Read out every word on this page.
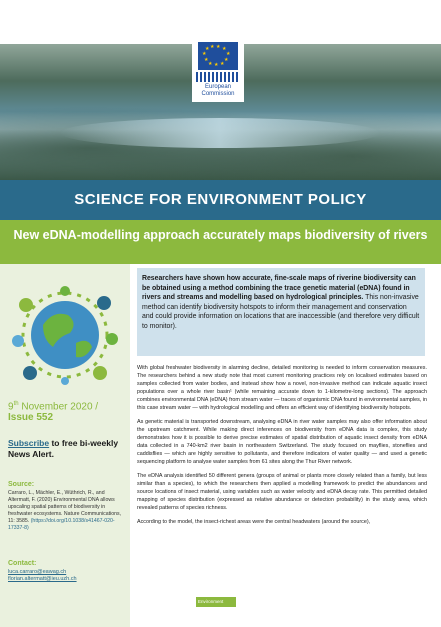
★ ★
★
★
★
★
★
★
★
★ ★
European
Commission
SCIENCE FOR ENVIRONMENT POLICY
New eDNA-modelling approach accurately maps biodiversity of rivers
9th November 2020 /
Issue 552
Subscribe to free bi-weekly News Alert.
Source:
Carraro, L., Mächler, E., Wüthrich, R., and Altermatt, F. (2020) Environmental DNA allows upscaling spatial patterns of biodiversity in freshwater ecosystems. Nature Communications, 11: 3585. (https://doi.org/10.1038/s41467-020-17337-8)
Contact:
luca.carraro@eawag.ch
florian.altermatt@ieu.uzh.ch
Researchers have shown how accurate, fine-scale maps of riverine biodiversity can be obtained using a method combining the trace genetic material (eDNA) found in rivers and streams and modelling based on hydrological principles. This non-invasive method can identify biodiversity hotspots to inform their management and conservation and could provide information on locations that are inaccessible (and therefore very difficult to monitor).

With global freshwater biodiversity in alarming decline, detailed monitoring is needed to inform conservation measures. The researchers behind a new study note that most current monitoring practices rely on localised estimates based on samples collected from water bodies, and instead show how a novel, non-invasive method can indicate aquatic insect populations over a whole river basin¹ (while remaining accurate down to 1-kilometre-long sections). The approach combines environmental DNA (eDNA) from stream water — traces of organismic DNA found in environmental samples, in this case stream water — with hydrological modelling and offers an efficient way of identifying biodiversity hotspots.

As genetic material is transported downstream, analysing eDNA in river water samples may also offer information about the upstream catchment. While making direct inferences on biodiversity from eDNA data is complex, this study demonstrates how it is possible to derive precise estimates of spatial distribution of aquatic insect density from eDNA data collected in a 740-km2 river basin in northeastern Switzerland. The study focused on mayflies, stoneflies and caddisflies — which are highly sensitive to pollutants, and therefore indicators of water quality — and used a genetic sequencing platform to analyse water samples from 61 sites along the Thur River network.

The eDNA analysis identified 50 different genera (groups of animal or plants more closely related than a family, but less similar than a species), to which the researchers then applied a modelling framework to predict the abundances and source locations of insect material, using variables such as water velocity and eDNA decay rate. This permitted detailed mapping of species distribution (expressed as relative abundance or detection probability) in the study area, which revealed patterns of species richness.

According to the model, the insect-richest areas were the central headwaters (around the source),

Environment
